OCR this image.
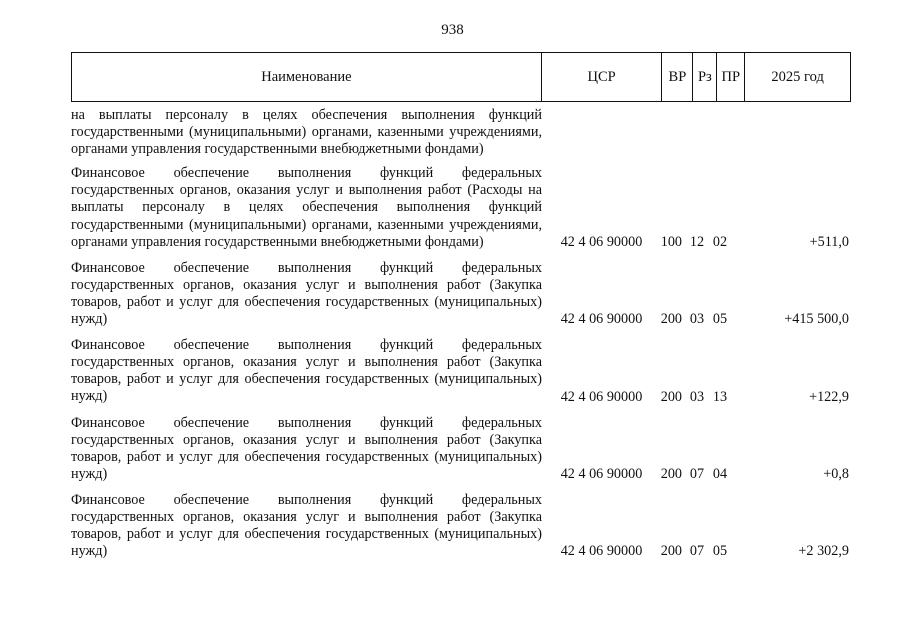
938
Наименование	ЦСР	ВР Рз ПР	2025 год
на выплаты персоналу в целях обеспечения выполнения функций государственными (муниципальными) органами, казенными учреждениями, органами управления государственными внебюджетными фондами)
Финансовое обеспечение выполнения функций федеральных государственных органов, оказания услуг и выполнения работ (Расходы на выплаты персоналу в целях обеспечения выполнения функций государственными (муниципальными) органами, казенными учреждениями, органами управления государственными внебюджетными фондами)	42 4 06 90000	100 12 02	+511,0
Финансовое обеспечение выполнения функций федеральных государственных органов, оказания услуг и выполнения работ (Закупка товаров, работ и услуг для обеспечения государственных (муниципальных) нужд)	42 4 06 90000	200 03 05	+415 500,0
Финансовое обеспечение выполнения функций федеральных государственных органов, оказания услуг и выполнения работ (Закупка товаров, работ и услуг для обеспечения государственных (муниципальных) нужд)	42 4 06 90000	200 03 13	+122,9
Финансовое обеспечение выполнения функций федеральных государственных органов, оказания услуг и выполнения работ (Закупка товаров, работ и услуг для обеспечения государственных (муниципальных) нужд)	42 4 06 90000	200 07 04	+0,8
Финансовое обеспечение выполнения функций федеральных государственных органов, оказания услуг и выполнения работ (Закупка товаров, работ и услуг для обеспечения государственных (муниципальных) нужд)	42 4 06 90000	200 07 05	+2 302,9
